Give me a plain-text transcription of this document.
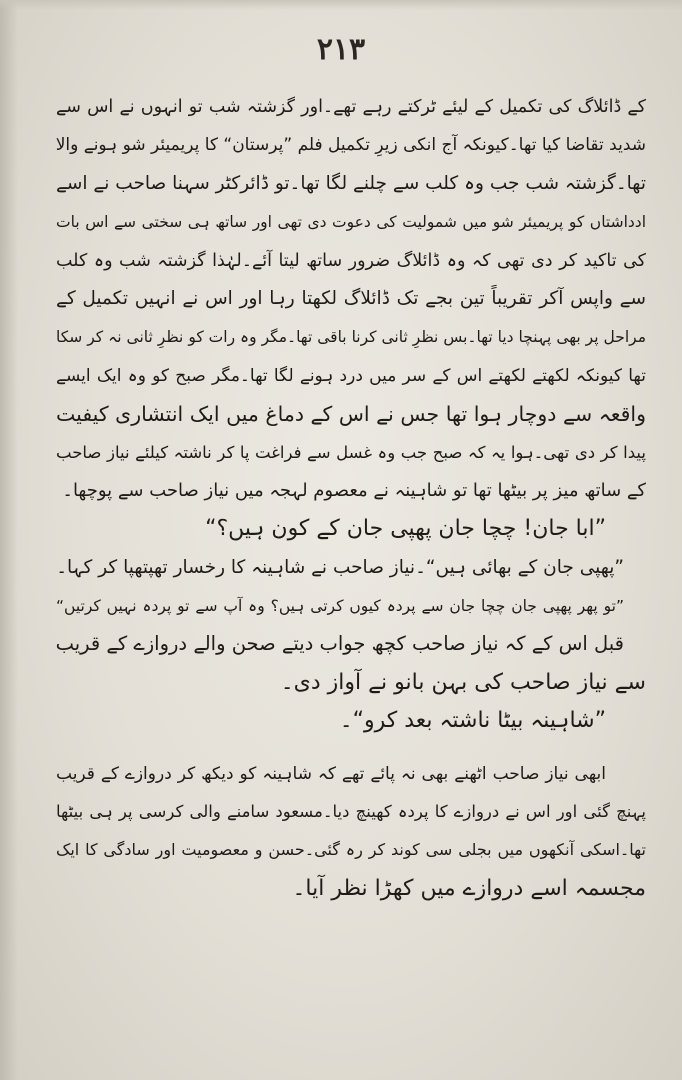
۲۱۳
کے ڈائلاگ کی تکمیل کے لیئے ٹرکتے رہے تھے۔اور گزشتہ شب تو انہوں نے اس سے
شدید تقاضا کیا تھا۔کیونکہ آج انکی زیرِ تکمیل فلم ”پرستان“ کا پریمیئر شو ہونے والا
تھا۔گزشتہ شب جب وہ کلب سے چلنے لگا تھا۔تو ڈائرکٹر سہنا صاحب نے اسے
ادداشتاں کو پریمیئر شو میں شمولیت کی دعوت دی تھی اور ساتھ ہی سختی سے اس بات
کی تاکید کر دی تھی کہ وہ ڈائلاگ ضرور ساتھ لیتا آئے۔لہٰذا گزشتہ شب وہ کلب
سے واپس آکر تقریباً تین بجے تک ڈائلاگ لکھتا رہا اور اس نے انہیں تکمیل کے
مراحل پر بھی پہنچا دیا تھا۔بس نظرِ ثانی کرنا باقی تھا۔مگر وہ رات کو نظرِ ثانی نہ کر سکا
تھا کیونکہ لکھتے لکھتے اس کے سر میں درد ہونے لگا تھا۔مگر صبح کو وہ ایک ایسے
واقعہ سے دوچار ہوا تھا جس نے اس کے دماغ میں ایک انتشاری کیفیت
پیدا کر دی تھی۔ہوا یہ کہ صبح جب وہ غسل سے فراغت پا کر ناشتہ کیلئے نیاز صاحب
کے ساتھ میز پر بیٹھا تھا تو شاہینہ نے معصوم لہجہ میں نیاز صاحب سے پوچھا۔
”ابا جان! چچا جان پھپی جان کے کون ہیں؟“
”پھپی جان کے بھائی ہیں“۔نیاز صاحب نے شاہینہ کا رخسار تھپتھپا کر کہا۔
”تو پھر پھپی جان چچا جان سے پردہ کیوں کرتی ہیں؟ وہ آپ سے تو پردہ نہیں کرتیں“
قبل اس کے کہ نیاز صاحب کچھ جواب دیتے صحن والے دروازے کے قریب
سے نیاز صاحب کی بہن بانو نے آواز دی۔
”شاہینہ بیٹا ناشتہ بعد کرو“۔
ابھی نیاز صاحب اٹھنے بھی نہ پائے تھے کہ شاہینہ کو دیکھ کر دروازے کے قریب
پہنچ گئی اور اس نے دروازے کا پردہ کھینچ دیا۔مسعود سامنے والی کرسی پر ہی بیٹھا
تھا۔اسکی آنکھوں میں بجلی سی کوند کر رہ گئی۔حسن و معصومیت اور سادگی کا ایک
مجسمہ اسے دروازے میں کھڑا نظر آیا۔
